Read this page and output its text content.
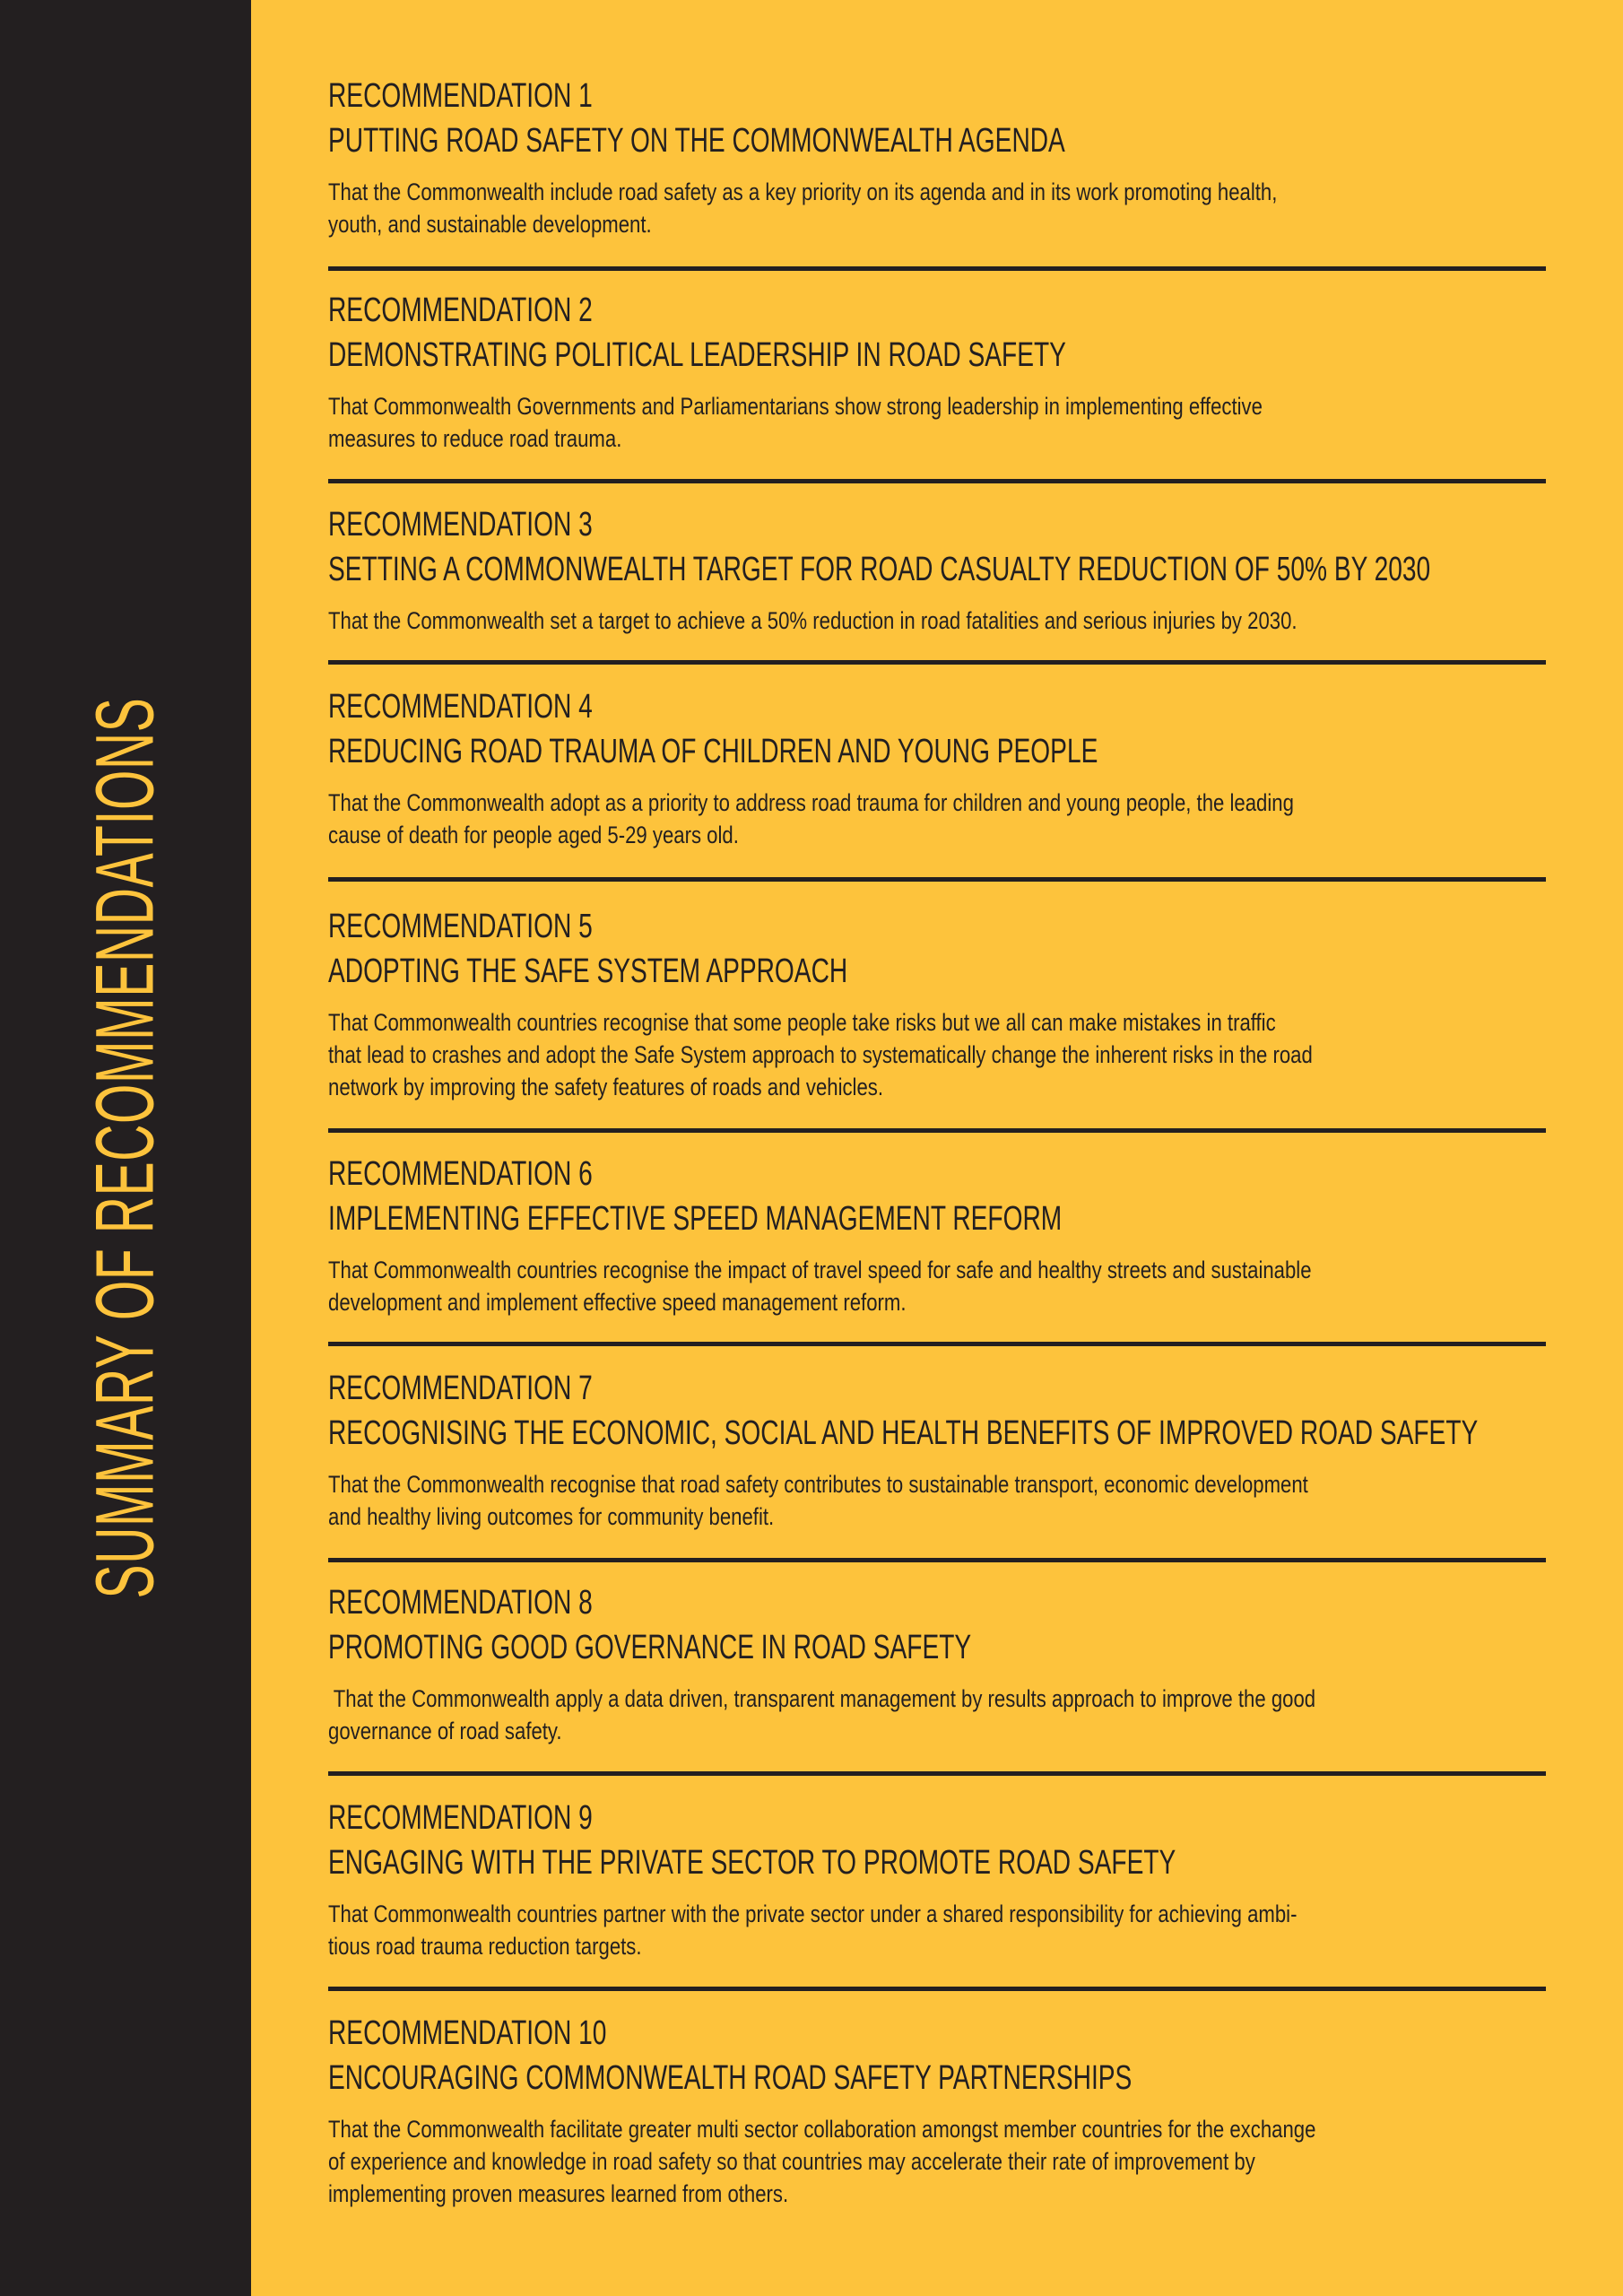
SUMMARY OF RECOMMENDATIONS
RECOMMENDATION 1
PUTTING ROAD SAFETY ON THE COMMONWEALTH AGENDA
That the Commonwealth include road safety as a key priority on its agenda and in its work promoting health,
youth, and sustainable development.
RECOMMENDATION 2
DEMONSTRATING POLITICAL LEADERSHIP IN ROAD SAFETY
That Commonwealth Governments and Parliamentarians show strong leadership in implementing effective
measures to reduce road trauma.
RECOMMENDATION 3
SETTING A COMMONWEALTH TARGET FOR ROAD CASUALTY REDUCTION OF 50% BY 2030
That the Commonwealth set a target to achieve a 50% reduction in road fatalities and serious injuries by 2030.
RECOMMENDATION 4
REDUCING ROAD TRAUMA OF CHILDREN AND YOUNG PEOPLE
That the Commonwealth adopt as a priority to address road trauma for children and young people, the leading
cause of death for people aged 5-29 years old.
RECOMMENDATION 5
ADOPTING THE SAFE SYSTEM APPROACH
That Commonwealth countries recognise that some people take risks but we all can make mistakes in traffic
that lead to crashes and adopt the Safe System approach to systematically change the inherent risks in the road
network by improving the safety features of roads and vehicles.
RECOMMENDATION 6
IMPLEMENTING EFFECTIVE SPEED MANAGEMENT REFORM
That Commonwealth countries recognise the impact of travel speed for safe and healthy streets and sustainable
development and implement effective speed management reform.
RECOMMENDATION 7
RECOGNISING THE ECONOMIC, SOCIAL AND HEALTH BENEFITS OF IMPROVED ROAD SAFETY
That the Commonwealth recognise that road safety contributes to sustainable transport, economic development
and healthy living outcomes for community benefit.
RECOMMENDATION 8
PROMOTING GOOD GOVERNANCE IN ROAD SAFETY
That the Commonwealth apply a data driven, transparent management by results approach to improve the good
governance of road safety.
RECOMMENDATION 9
ENGAGING WITH THE PRIVATE SECTOR TO PROMOTE ROAD SAFETY
That Commonwealth countries partner with the private sector under a shared responsibility for achieving ambi-
tious road trauma reduction targets.
RECOMMENDATION 10
ENCOURAGING COMMONWEALTH ROAD SAFETY PARTNERSHIPS
That the Commonwealth facilitate greater multi sector collaboration amongst member countries for the exchange
of experience and knowledge in road safety so that countries may accelerate their rate of improvement by
implementing proven measures learned from others.
